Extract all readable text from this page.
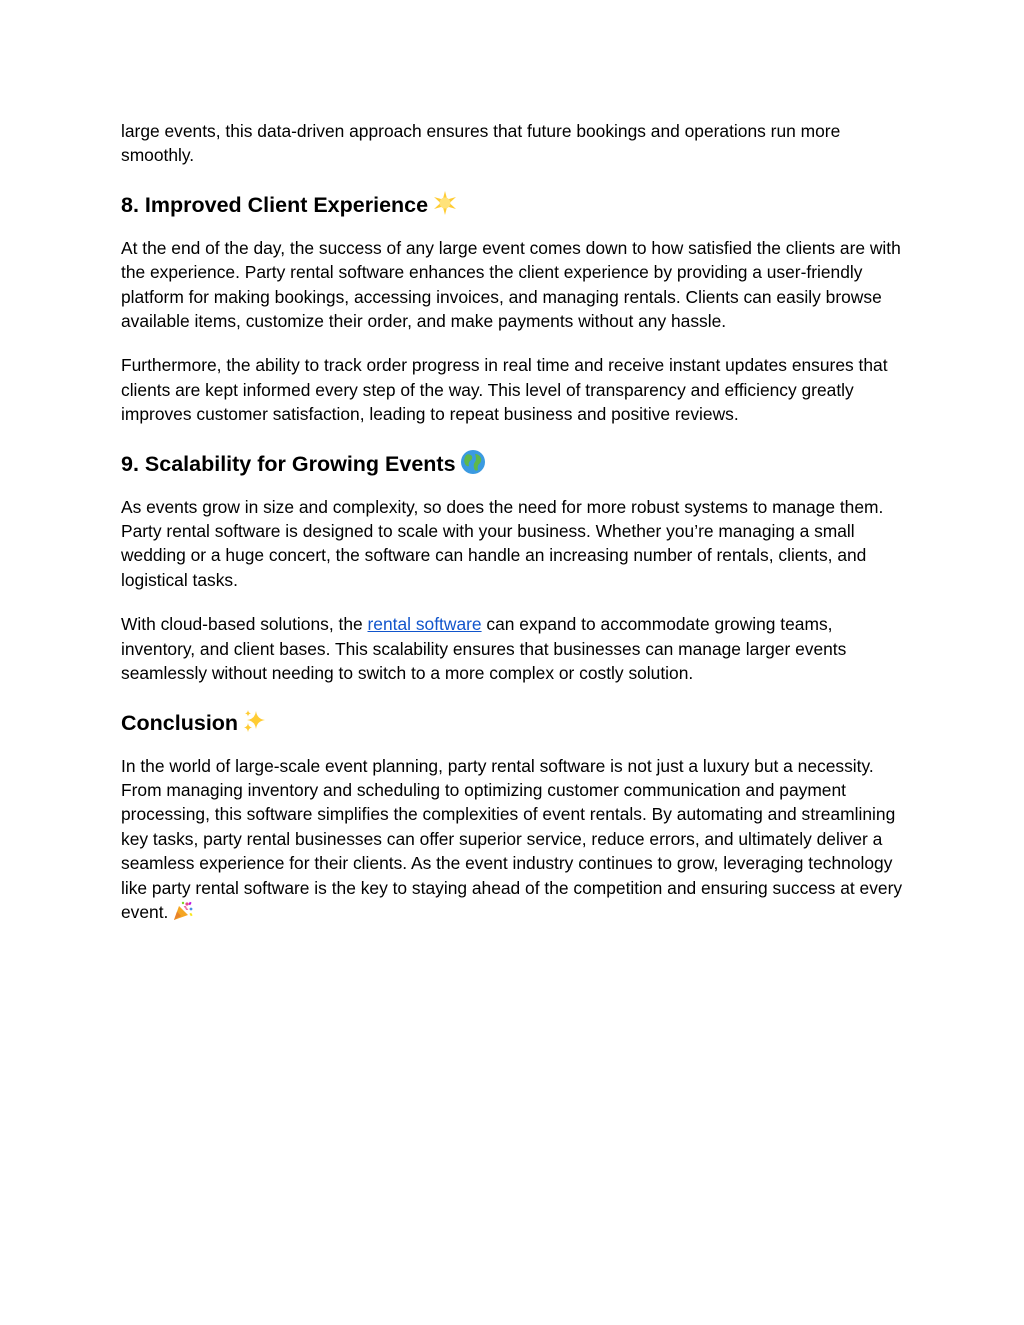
large events, this data-driven approach ensures that future bookings and operations run more smoothly.

8. Improved Client Experience

At the end of the day, the success of any large event comes down to how satisfied the clients are with the experience. Party rental software enhances the client experience by providing a user-friendly platform for making bookings, accessing invoices, and managing rentals. Clients can easily browse available items, customize their order, and make payments without any hassle.

Furthermore, the ability to track order progress in real time and receive instant updates ensures that clients are kept informed every step of the way. This level of transparency and efficiency greatly improves customer satisfaction, leading to repeat business and positive reviews.

9. Scalability for Growing Events

As events grow in size and complexity, so does the need for more robust systems to manage them. Party rental software is designed to scale with your business. Whether you’re managing a small wedding or a huge concert, the software can handle an increasing number of rentals, clients, and logistical tasks.

With cloud-based solutions, the rental software can expand to accommodate growing teams, inventory, and client bases. This scalability ensures that businesses can manage larger events seamlessly without needing to switch to a more complex or costly solution.

Conclusion

In the world of large-scale event planning, party rental software is not just a luxury but a necessity. From managing inventory and scheduling to optimizing customer communication and payment processing, this software simplifies the complexities of event rentals. By automating and streamlining key tasks, party rental businesses can offer superior service, reduce errors, and ultimately deliver a seamless experience for their clients. As the event industry continues to grow, leveraging technology like party rental software is the key to staying ahead of the competition and ensuring success at every event.
